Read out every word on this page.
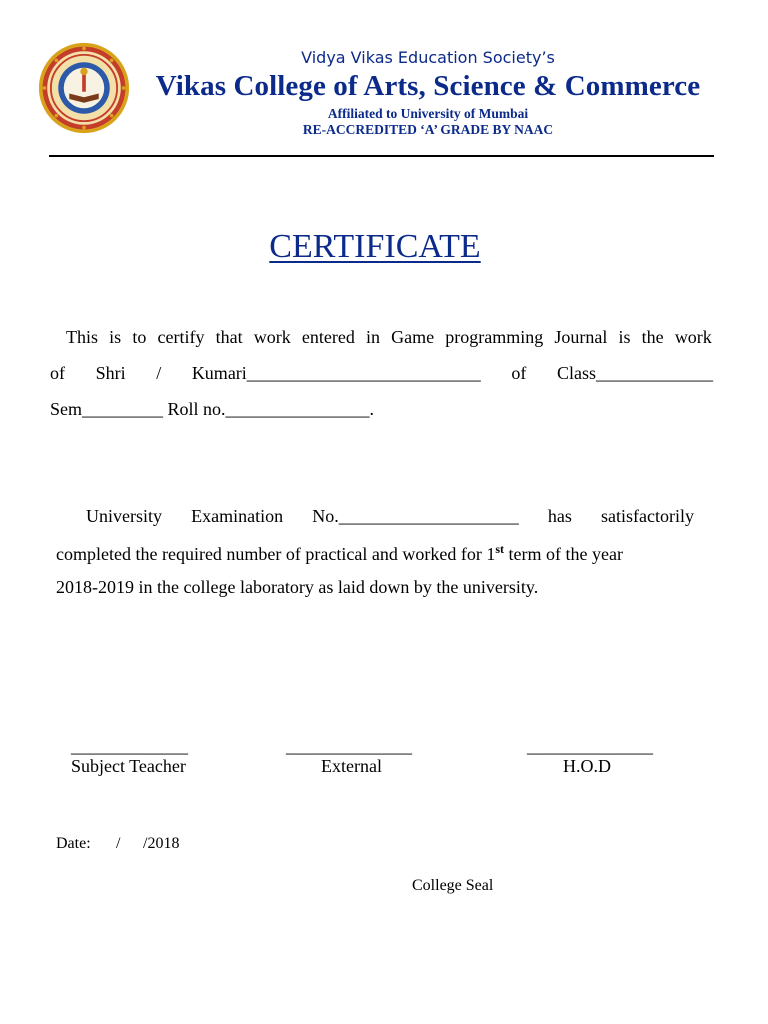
Vidya Vikas Education Society’s
Vikas College of Arts, Science & Commerce
Affiliated to University of Mumbai
RE-ACCREDITED ‘A’ GRADE BY NAAC
CERTIFICATE
This is to certify that work entered in Game programming Journal is the work
of Shri / Kumari__________________________ of Class_____________
Sem_________ Roll no.________________.
University Examination No.____________________ has satisfactorily
completed the required number of practical and worked for 1st term of the year
2018-2019 in the college laboratory as laid down by the university.
_____________
Subject Teacher
______________
External
______________
H.O.D
Date: / /2018
College Seal
